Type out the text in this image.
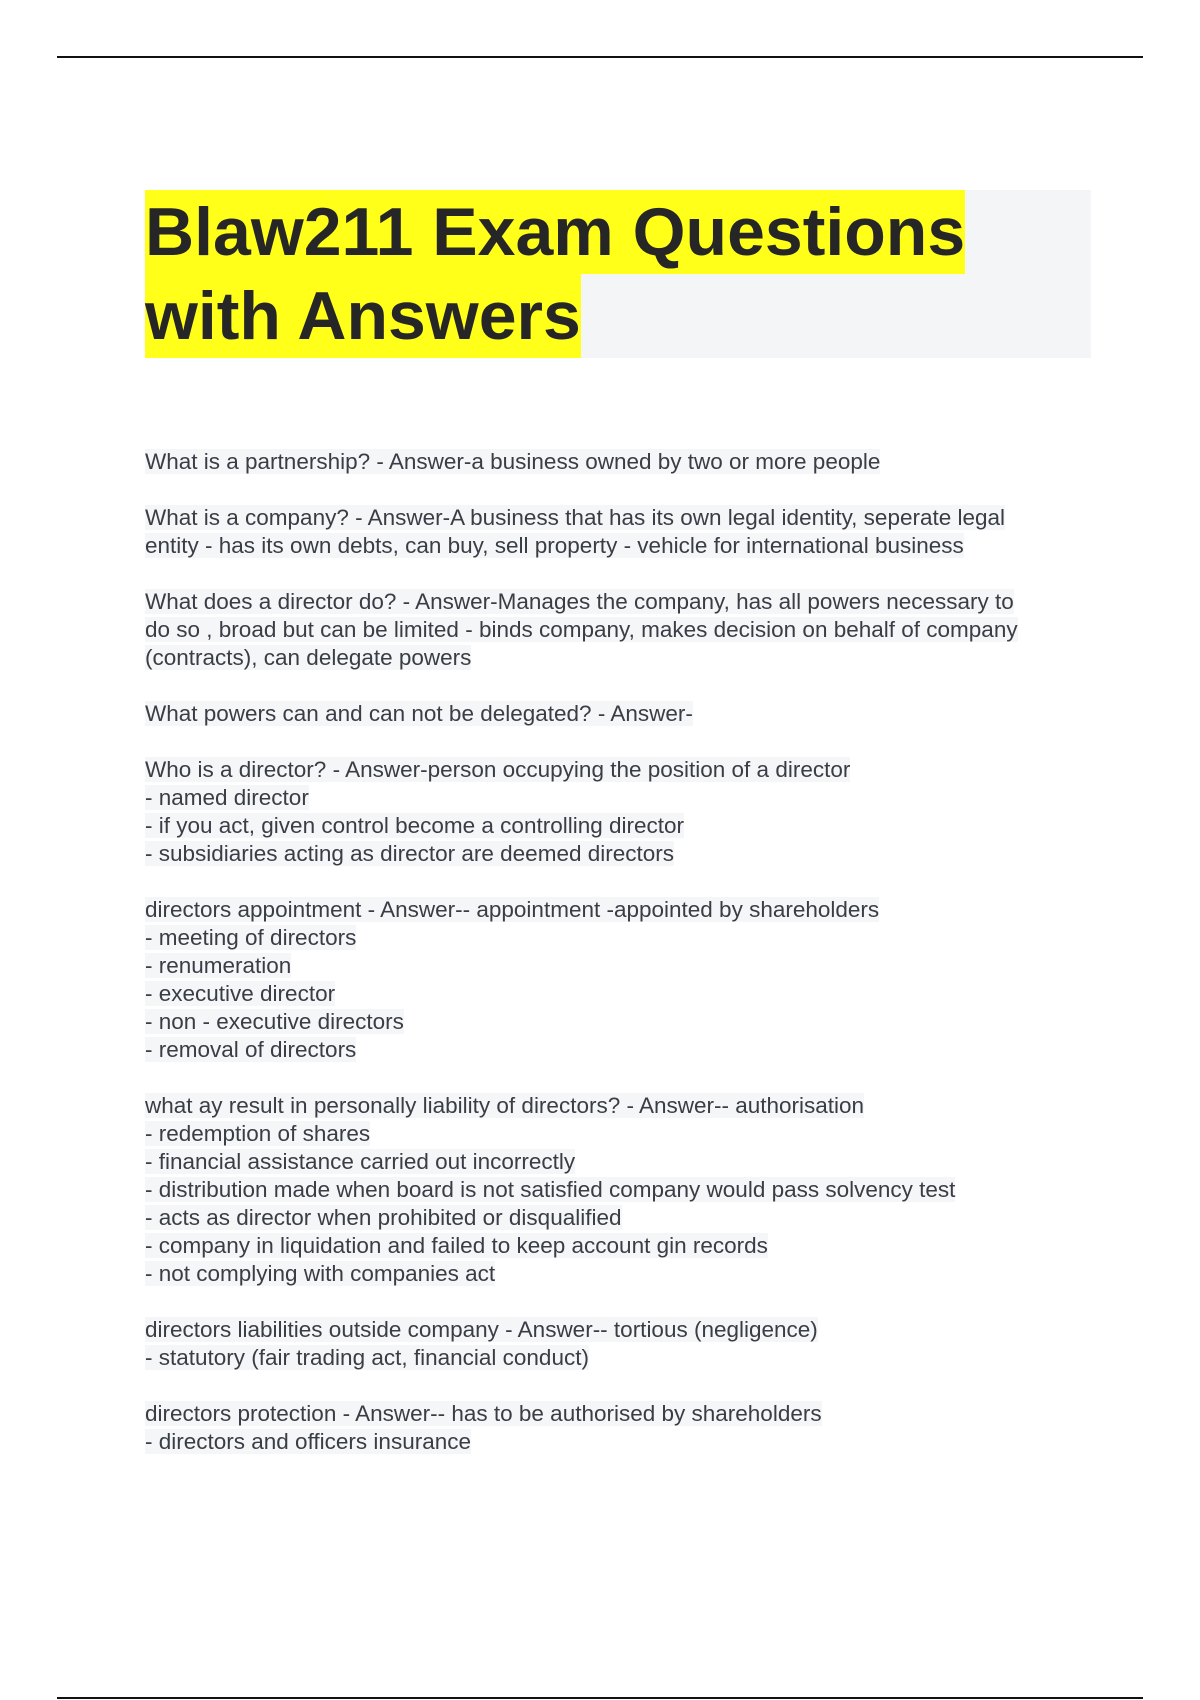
Blaw211 Exam Questions
with Answers
What is a partnership? - Answer-a business owned by two or more people
What is a company? - Answer-A business that has its own legal identity, seperate legal
entity - has its own debts, can buy, sell property - vehicle for international business
What does a director do? - Answer-Manages the company, has all powers necessary to
do so , broad but can be limited - binds company, makes decision on behalf of company
(contracts), can delegate powers
What powers can and can not be delegated? - Answer-
Who is a director? - Answer-person occupying the position of a director
- named director
- if you act, given control become a controlling director
- subsidiaries acting as director are deemed directors
directors appointment - Answer-- appointment -appointed by shareholders
- meeting of directors
- renumeration
- executive director
- non - executive directors
- removal of directors
what ay result in personally liability of directors? - Answer-- authorisation
- redemption of shares
- financial assistance carried out incorrectly
- distribution made when board is not satisfied company would pass solvency test
- acts as director when prohibited or disqualified
- company in liquidation and failed to keep account gin records
- not complying with companies act
directors liabilities outside company - Answer-- tortious (negligence)
- statutory (fair trading act, financial conduct)
directors protection - Answer-- has to be authorised by shareholders
- directors and officers insurance
